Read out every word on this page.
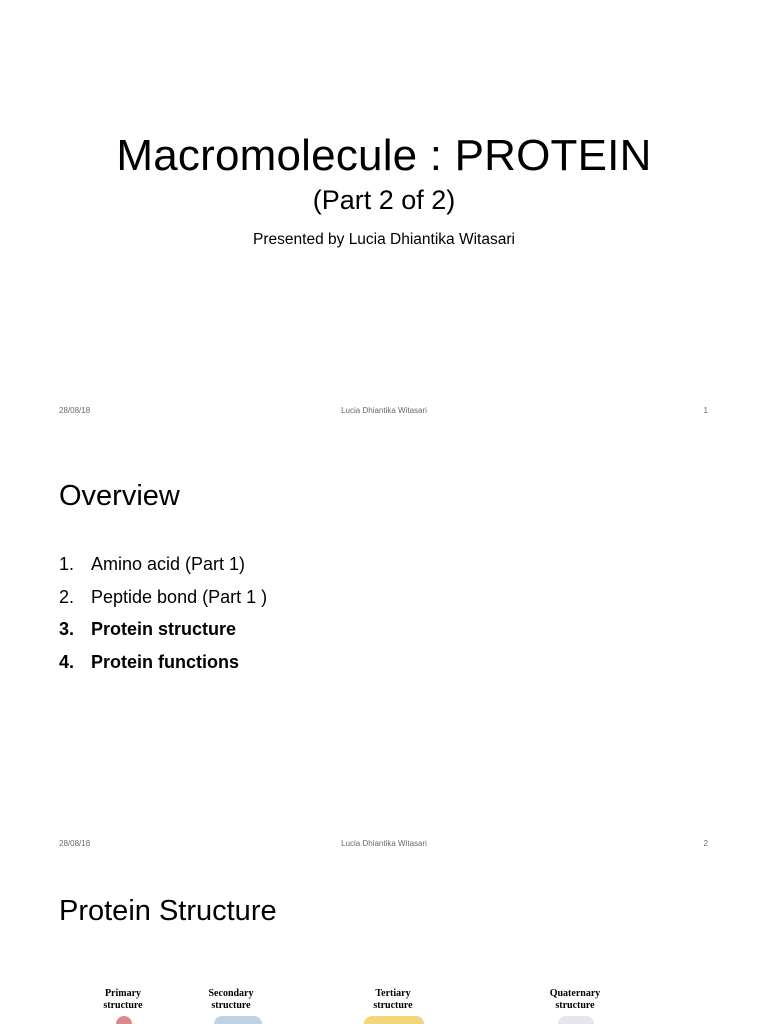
Macromolecule : PROTEIN
(Part 2 of 2)
Presented by Lucia Dhiantika Witasari
28/08/18	Lucia Dhiantika Witasari	1
Overview
1. Amino acid (Part 1)
2. Peptide bond (Part 1 )
3. Protein structure
4. Protein functions
28/08/18	Lucia Dhiantika Witasari	2
Protein Structure
Primary structure
Secondary structure
Tertiary structure
Quaternary structure
